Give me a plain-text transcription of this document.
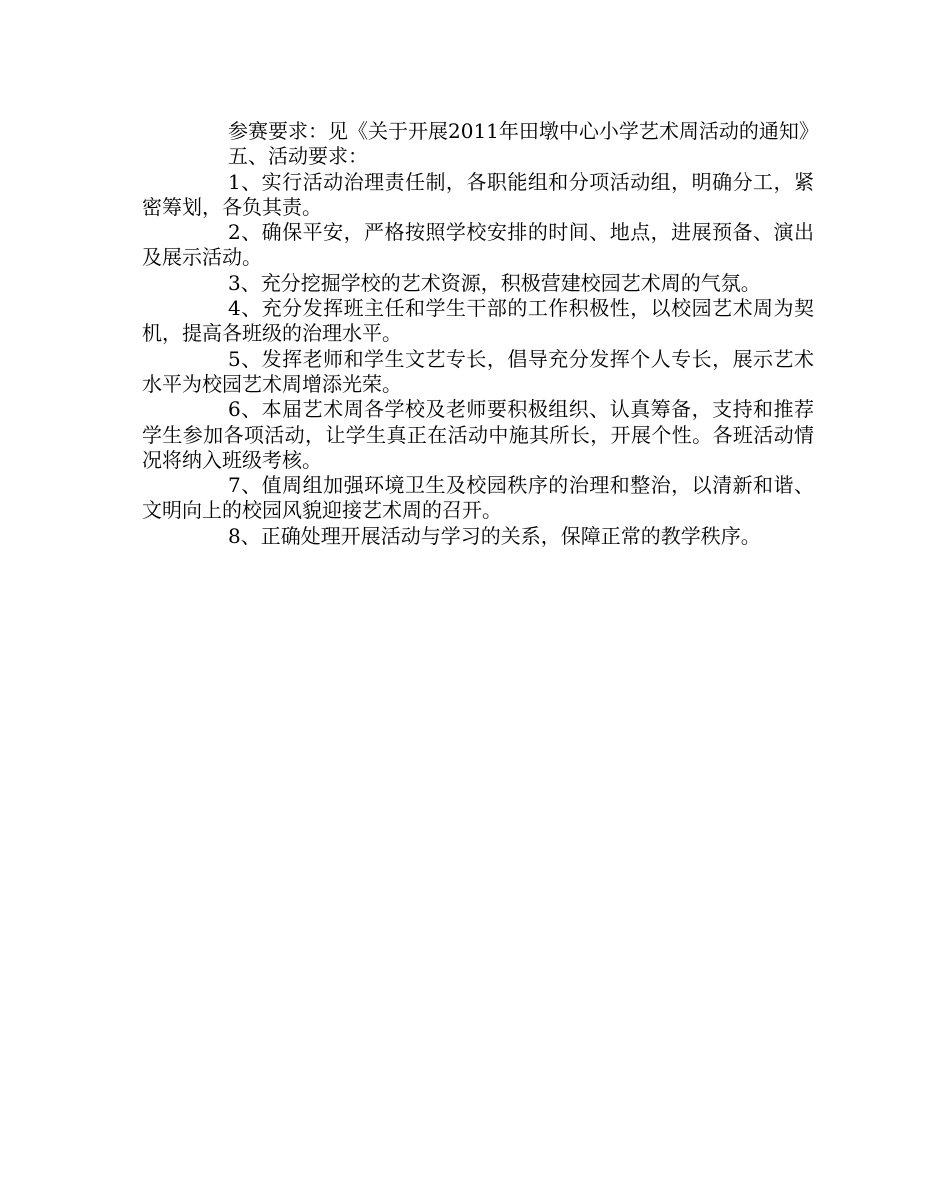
参赛要求：见《关于开展2011年田墩中心小学艺术周活动的通知》

五、活动要求：

1、实行活动治理责任制，各职能组和分项活动组，明确分工，紧密筹划，各负其责。

2、确保平安，严格按照学校安排的时间、地点，进展预备、演出及展示活动。

3、充分挖掘学校的艺术资源，积极营建校园艺术周的气氛。

4、充分发挥班主任和学生干部的工作积极性，以校园艺术周为契机，提高各班级的治理水平。

5、发挥老师和学生文艺专长，倡导充分发挥个人专长，展示艺术水平为校园艺术周增添光荣。

6、本届艺术周各学校及老师要积极组织、认真筹备，支持和推荐学生参加各项活动，让学生真正在活动中施其所长，开展个性。各班活动情况将纳入班级考核。

7、值周组加强环境卫生及校园秩序的治理和整治，以清新和谐、文明向上的校园风貌迎接艺术周的召开。

8、正确处理开展活动与学习的关系，保障正常的教学秩序。
